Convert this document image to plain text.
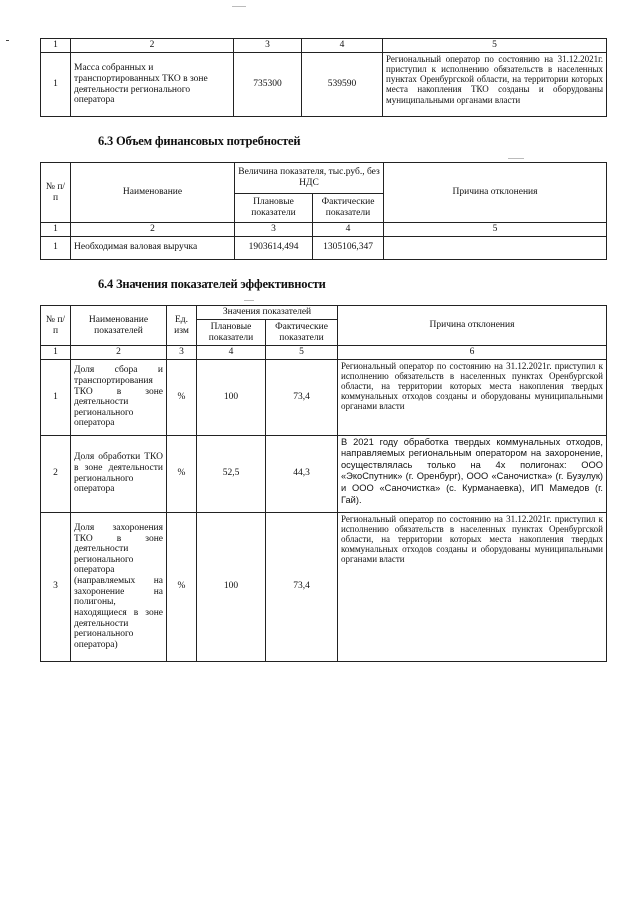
1	2	3	4	5
1	Масса собранных и транспортированных ТКО в зоне деятельности регионального оператора	735300	539590	Региональный оператор по состоянию на 31.12.2021г. приступил к исполнению обязательств в населенных пунктах Оренбургской области, на территории которых места накопления ТКО созданы и оборудованы муниципальными органами власти
6.3 Объем финансовых потребностей
№ п/п	Наименование	Величина показателя, тыс.руб., без НДС		Причина отклонения
		Плановые показатели	Фактические показатели	
1	2	3	4	5
1	Необходимая валовая выручка	1903614,494	1305106,347	
6.4 Значения показателей эффективности
№ п/п	Наименование показателей	Ед. изм	Значения показателей		Причина отклонения
			Плановые показатели	Фактические показатели	
1	2	3	4	5	6
1	Доля сбора и транспортирования ТКО в зоне деятельности регионального оператора	%	100	73,4	Региональный оператор по состоянию на 31.12.2021г. приступил к исполнению обязательств в населенных пунктах Оренбургской области, на территории которых места накопления твердых коммунальных отходов созданы и оборудованы муниципальными органами власти
2	Доля обработки ТКО в зоне деятельности регионального оператора	%	52,5	44,3	В 2021 году обработка твердых коммунальных отходов, направляемых региональным оператором на захоронение, осуществлялась только на 4х полигонах: ООО «ЭкоСпутник» (г. Оренбург), ООО «Саночистка» (г. Бузулук) и ООО «Саночистка» (с. Курманаевка), ИП Мамедов (г. Гай).
3	Доля захоронения ТКО в зоне деятельности регионального оператора (направляемых на захоронение на полигоны, находящиеся в зоне деятельности регионального оператора)	%	100	73,4	Региональный оператор по состоянию на 31.12.2021г. приступил к исполнению обязательств в населенных пунктах Оренбургской области, на территории которых места накопления твердых коммунальных отходов созданы и оборудованы муниципальными органами власти
